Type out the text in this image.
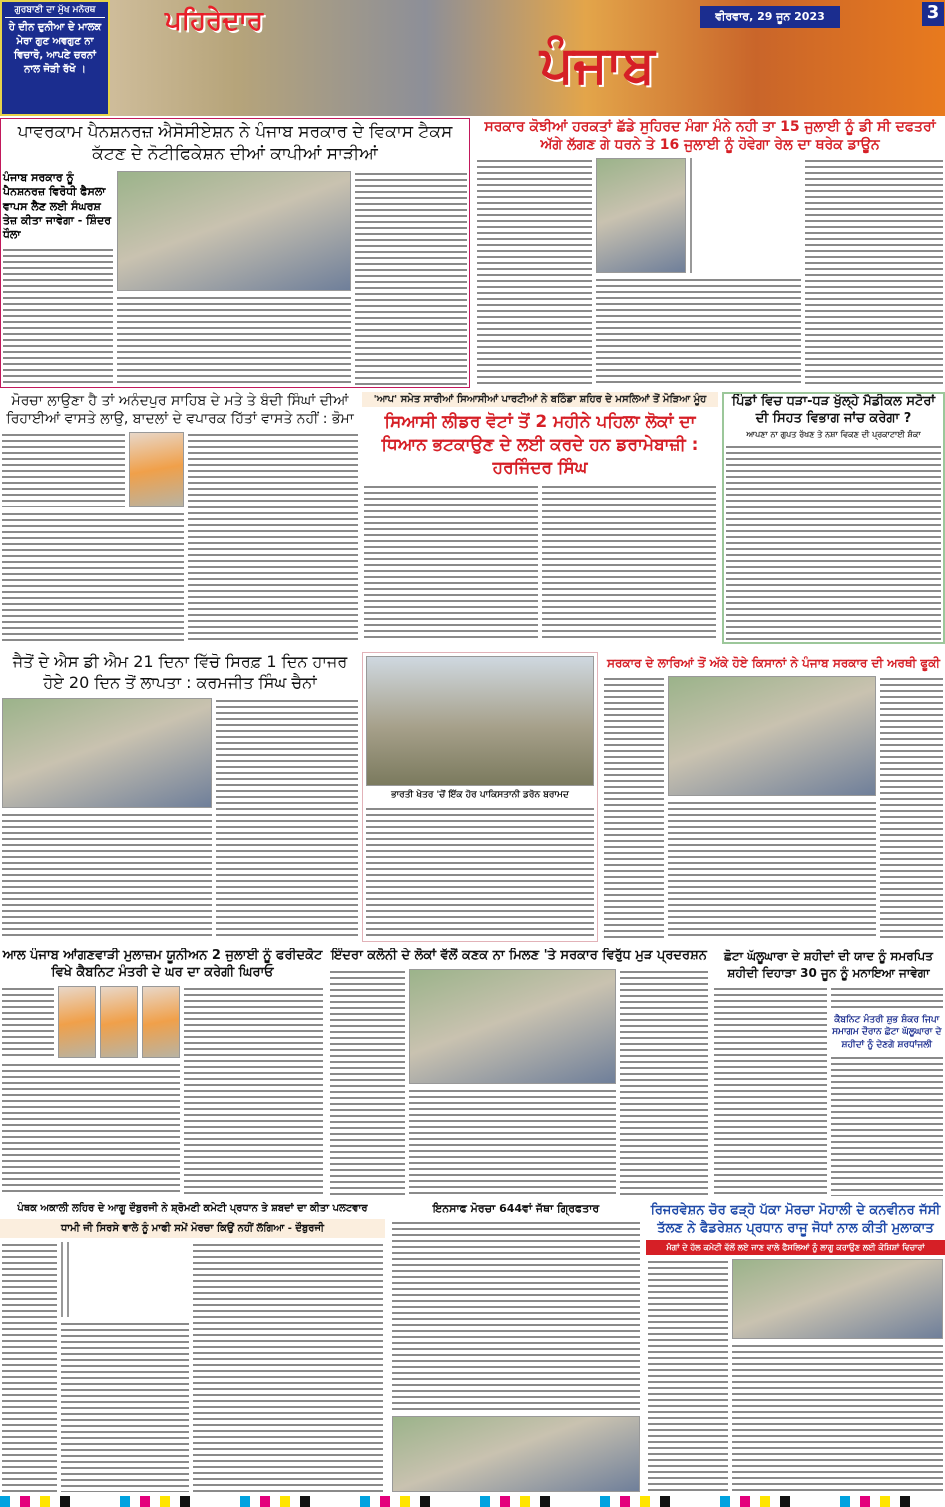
ਗੁਰਬਾਣੀ ਦਾ ਮੁੱਖ ਮਨੋਰਥ
ਹੇ ਦੀਨ ਦੁਨੀਆ ਦੇ ਮਾਲਕ ਮੇਰਾ ਗੁਣ ਅਵਗੁਣ ਨਾ ਵਿਚਾਰੋ, ਆਪਣੇ ਚਰਨਾਂ ਨਾਲ ਜੋੜੀ ਰੱਖੋ ।
ਪਹਿਰੇਦਾਰ
ਪੰਜਾਬ
ਵੀਰਵਾਰ, 29 ਜੂਨ 2023	3
ਪਾਵਰਕਾਮ ਪੈਨਸ਼ਨਰਜ਼ ਐਸੋਸੀਏਸ਼ਨ ਨੇ ਪੰਜਾਬ ਸਰਕਾਰ ਦੇ ਵਿਕਾਸ ਟੈਕਸ ਕੱਟਣ ਦੇ ਨੋਟੀਫਿਕੇਸ਼ਨ ਦੀਆਂ ਕਾਪੀਆਂ ਸਾੜੀਆਂ
ਪੰਜਾਬ ਸਰਕਾਰ ਨੂੰ ਪੈਨਸ਼ਨਰਜ਼ ਵਿਰੋਧੀ ਫੈਸਲਾ ਵਾਪਸ ਲੈਣ ਲਈ ਸੰਘਰਸ਼ ਤੇਜ਼ ਕੀਤਾ ਜਾਵੇਗਾ - ਸ਼ਿੰਦਰ ਧੌਲਾ
ਸਰਕਾਰ ਕੋਝੀਆਂ ਹਰਕਤਾਂ ਛੱਡੇ ਸੁਹਿਰਦ ਮੰਗਾ ਮੰਨੇ ਨਹੀ ਤਾ 15 ਜੁਲਾਈ ਨੂੰ ਡੀ ਸੀ ਦਫਤਰਾਂ ਅੱਗੇ ਲੱਗਣ ਗੇ ਧਰਨੇ ਤੇ 16 ਜੁਲਾਈ ਨੂੰ ਹੋਵੇਗਾ ਰੇਲ ਦਾ ਥਰੇਕ ਡਾਊਨ
ਮੋਰਚਾ ਲਾਉਣਾ ਹੈ ਤਾਂ ਅਨੰਦਪੁਰ ਸਾਹਿਬ ਦੇ ਮਤੇ ਤੇ ਬੰਦੀ ਸਿੰਘਾਂ ਦੀਆਂ ਰਿਹਾਈਆਂ ਵਾਸਤੇ ਲਾਉ, ਬਾਦਲਾਂ ਦੇ ਵਪਾਰਕ ਹਿੱਤਾਂ ਵਾਸਤੇ ਨਹੀਂ : ਭੋਮਾ
'ਆਪ' ਸਮੇਤ ਸਾਰੀਆਂ ਸਿਆਸੀਆਂ ਪਾਰਟੀਆਂ ਨੇ ਬਠਿੰਡਾ ਸ਼ਹਿਰ ਦੇ ਮਸਲਿਆਂ ਤੋਂ ਮੋੜਿਆ ਮੂੰਹ
ਸਿਆਸੀ ਲੀਡਰ ਵੋਟਾਂ ਤੋਂ 2 ਮਹੀਨੇ ਪਹਿਲਾ ਲੋਕਾਂ ਦਾ ਧਿਆਨ ਭਟਕਾਉਣ ਦੇ ਲਈ ਕਰਦੇ ਹਨ ਡਰਾਮੇਬਾਜ਼ੀ : ਹਰਜਿੰਦਰ ਸਿੰਘ
ਪਿੰਡਾਂ ਵਿਚ ਧੜਾ-ਧੜ ਖੁੱਲ੍ਹੇ ਮੈਡੀਕਲ ਸਟੋਰਾਂ ਦੀ ਸਿਹਤ ਵਿਭਾਗ ਜਾਂਚ ਕਰੇਗਾ ?
ਆਪਣਾ ਨਾ ਗੁਪਤ ਰੱਖਣ ਤੇ ਨਸ਼ਾ ਵਿਕਣ ਦੀ ਪ੍ਰਕਾਟਾਈ ਸ਼ੰਕਾ
ਜੈਤੋਂ ਦੇ ਐਸ ਡੀ ਐਮ 21 ਦਿਨਾ ਵਿੱਚੋ ਸਿਰਫ਼ 1 ਦਿਨ ਹਾਜਰ ਹੋਏ 20 ਦਿਨ ਤੋਂ ਲਾਪਤਾ : ਕਰਮਜੀਤ ਸਿੰਘ ਚੈਨਾਂ
ਭਾਰਤੀ ਖੇਤਰ 'ਚੋਂ ਇੱਕ ਹੋਰ ਪਾਕਿਸਤਾਨੀ ਡਰੋਨ ਬਰਾਮਦ
ਸਰਕਾਰ ਦੇ ਲਾਰਿਆਂ ਤੋਂ ਅੱਕੇ ਹੋਏ ਕਿਸਾਨਾਂ ਨੇ ਪੰਜਾਬ ਸਰਕਾਰ ਦੀ ਅਰਥੀ ਫੂਕੀ
ਆਲ ਪੰਜਾਬ ਆਂਗਣਵਾੜੀ ਮੁਲਾਜ਼ਮ ਯੂਨੀਅਨ 2 ਜੁਲਾਈ ਨੂੰ ਫਰੀਦਕੋਟ ਵਿਖੇ ਕੈਬਨਿਟ ਮੰਤਰੀ ਦੇ ਘਰ ਦਾ ਕਰੇਗੀ ਘਿਰਾਓ
ਇੰਦਰਾ ਕਲੋਨੀ ਦੇ ਲੋਕਾਂ ਵੱਲੋਂ ਕਣਕ ਨਾ ਮਿਲਣ 'ਤੇ ਸਰਕਾਰ ਵਿਰੁੱਧ ਮੁੜ ਪ੍ਰਦਰਸ਼ਨ	ਛੋਟਾ ਘੱਲੂਘਾਰਾ ਦੇ ਸ਼ਹੀਦਾਂ ਦੀ ਯਾਦ ਨੂੰ ਸਮਰਪਿਤ ਸ਼ਹੀਦੀ ਦਿਹਾੜਾ 30 ਜੂਨ ਨੂੰ ਮਨਾਇਆ ਜਾਵੇਗਾ
ਕੈਬਨਿਟ ਮੰਤਰੀ ਸ਼ੁਭ ਸ਼ੰਕਰ ਜਿਪਾ ਸਮਾਗਮ ਦੌਰਾਨ ਛੋਟਾ ਘੱਲੂਘਾਰਾ ਦੇ ਸ਼ਹੀਦਾਂ ਨੂੰ ਦੇਣਗੇ ਸ਼ਰਧਾਂਜਲੀ
ਪੰਥਕ ਅਕਾਲੀ ਲਹਿਰ ਦੇ ਆਗੂ ਦੌਬੁਰਜੀ ਨੇ ਸ਼੍ਰੋਮਣੀ ਕਮੇਟੀ ਪ੍ਰਧਾਨ ਤੇ ਸ਼ਬਦਾਂ ਦਾ ਕੀਤਾ ਪਲਟਵਾਰ
ਧਾਮੀ ਜੀ ਸਿਰਸੇ ਵਾਲੇ ਨੂੰ ਮਾਫੀ ਸਮੇਂ ਮੋਰਚਾ ਕਿਉਂ ਨਹੀਂ ਲੱਗਿਆ - ਦੌਬੁਰਜੀ
ਇਨਸਾਫ ਮੋਰਚਾ 644ਵਾਂ ਜੱਥਾ ਗ੍ਰਿਫਤਾਰ	ਰਿਜਰਵੇਸ਼ਨ ਚੋਰ ਫੜ੍ਹੋ ਪੱਕਾ ਮੋਰਚਾ ਮੋਹਾਲੀ ਦੇ ਕਨਵੀਨਰ ਜੱਸੀ ਤੱਲਣ ਨੇ ਫੈਡਰੇਸ਼ਨ ਪ੍ਰਧਾਨ ਰਾਜੂ ਜੋਧਾਂ ਨਾਲ ਕੀਤੀ ਮੁਲਾਕਾਤ
ਮੰਗਾਂ ਦੇ ਹੱਲ ਕਮੇਟੀ ਵੱਲੋਂ ਲਏ ਜਾਣ ਵਾਲੇ ਫੈਸਲਿਆਂ ਨੂੰ ਲਾਗੂ ਕਰਾਉਣ ਲਈ ਕੋਸ਼ਿਸ਼ਾਂ ਵਿਚਾਰਾਂ
